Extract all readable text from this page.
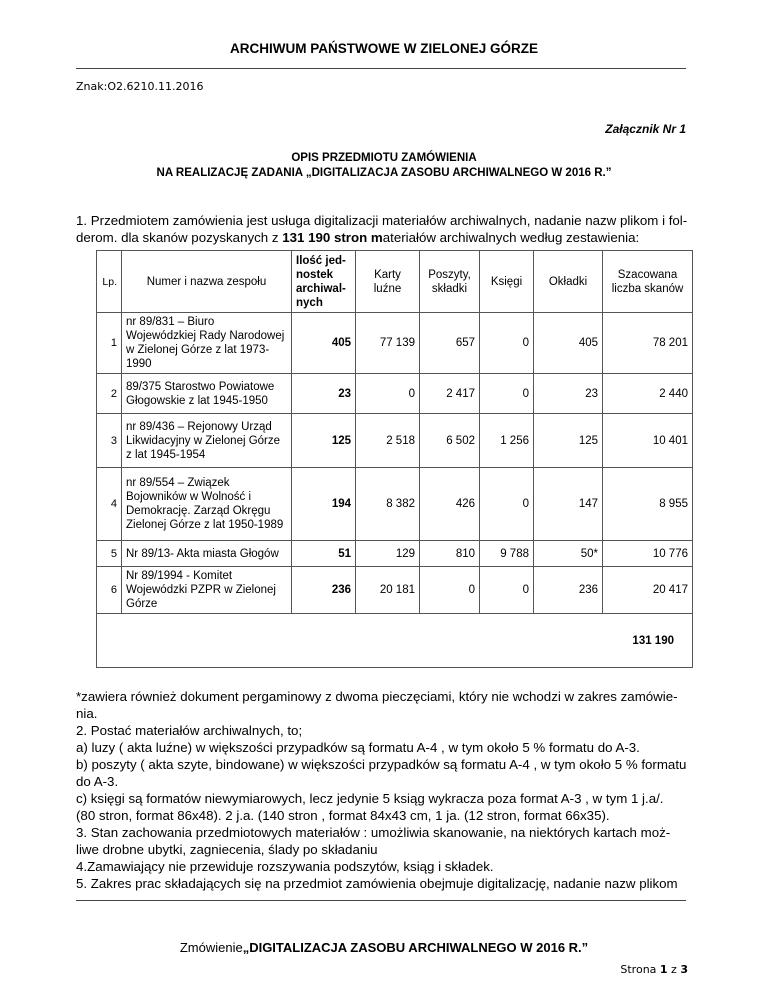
ARCHIWUM PAŃSTWOWE W ZIELONEJ GÓRZE
Znak:O2.6210.11.2016
Załącznik Nr 1
OPIS PRZEDMIOTU ZAMÓWIENIA
NA REALIZACJĘ ZADANIA „DIGITALIZACJA ZASOBU ARCHIWALNEGO W 2016 R.”
1. Przedmiotem zamówienia jest usługa digitalizacji materiałów archiwalnych, nadanie nazw plikom i fol-
derom. dla skanów pozyskanych z 131 190 stron materiałów archiwalnych według zestawienia:
Lp.	Numer i nazwa zespołu	Ilość jed-
nostek
archiwal-
nych	Karty
luźne	Poszyty,
składki	Księgi	Okładki	Szacowana
liczba skanów
1	nr 89/831 – Biuro Wojewódzkiej Rady Narodowej w Zielonej Górze z lat 1973-1990	405	77 139	657	0	405	78 201
2	89/375 Starostwo Powiatowe Głogowskie z lat 1945-1950	23	0	2 417	0	23	2 440
3	nr 89/436 – Rejonowy Urząd Likwidacyjny w Zielonej Górze z lat 1945-1954	125	2 518	6 502	1 256	125	10 401
4	nr 89/554 – Związek Bojowników w Wolność i Demokrację. Zarząd Okręgu Zielonej Górze z lat 1950-1989	194	8 382	426	0	147	8 955
5	Nr 89/13- Akta miasta Głogów	51	129	810	9 788	50*	10 776
6	Nr 89/1994 - Komitet Wojewódzki PZPR w Zielonej Górze	236	20 181	0	0	236	20 417
131 190							
*zawiera również dokument pergaminowy z dwoma pieczęciami, który nie wchodzi w zakres zamówie-
nia.
2. Postać materiałów archiwalnych, to;
a) luzy ( akta luźne) w większości przypadków są formatu A-4 , w tym około 5 % formatu do A-3.
b) poszyty ( akta szyte, bindowane) w większości przypadków są formatu A-4 , w tym około 5 % formatu
do A-3.
c) księgi są formatów niewymiarowych, lecz jedynie 5 ksiąg wykracza poza format A-3 , w tym 1 j.a/.
(80 stron, format 86x48). 2 j.a. (140 stron , format 84x43 cm, 1 ja. (12 stron, format 66x35).
3. Stan zachowania przedmiotowych materiałów : umożliwia skanowanie, na niektórych kartach moż-
liwe drobne ubytki, zagniecenia, ślady po składaniu
4.Zamawiający nie przewiduje rozszywania podszytów, ksiąg i składek.
5. Zakres prac składających się na przedmiot zamówienia obejmuje digitalizację, nadanie nazw plikom
Zmówienie„DIGITALIZACJA ZASOBU ARCHIWALNEGO W 2016 R.”
Strona 1 z 3
